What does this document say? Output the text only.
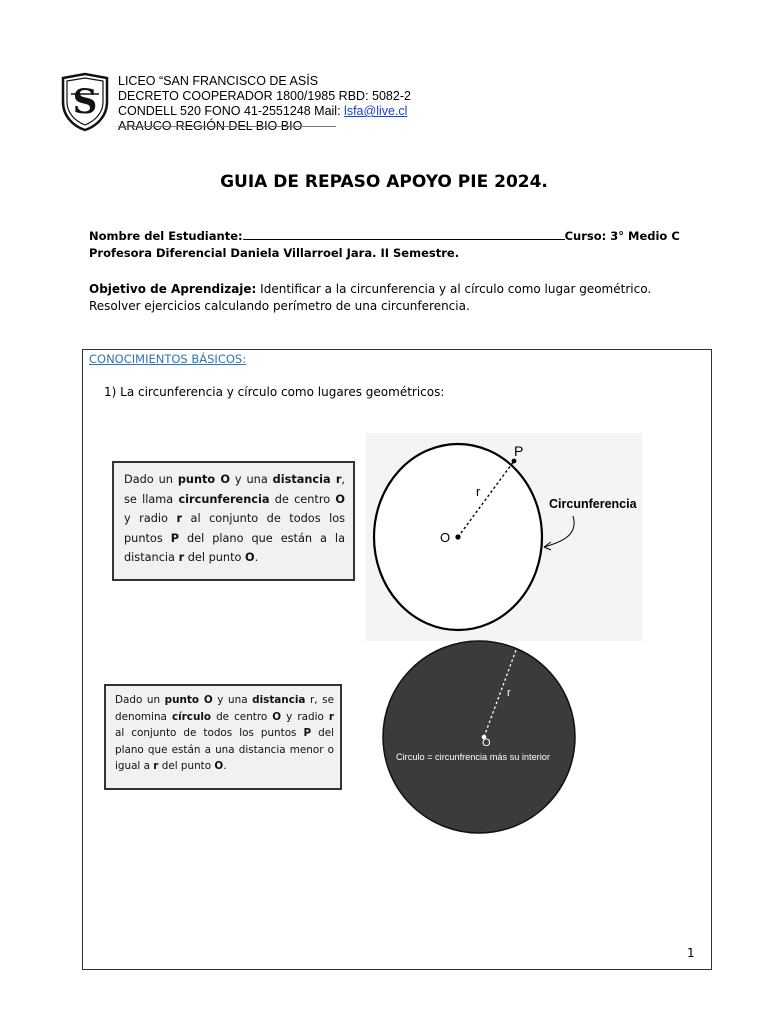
S
LICEO “SAN FRANCISCO DE ASÍS
DECRETO COOPERADOR 1800/1985 RBD: 5082-2
CONDELL 520 FONO 41-2551248 Mail: lsfa@live.cl
ARAUCO-REGIÓN DEL BIO BIO
GUIA DE REPASO APOYO PIE 2024.
Nombre del Estudiante:	Curso: 3° Medio C
Profesora Diferencial Daniela Villarroel Jara. II Semestre.
Objetivo de Aprendizaje: Identificar a la circunferencia y al círculo como lugar geométrico. Resolver ejercicios calculando perímetro de una circunferencia.
CONOCIMIENTOS BÁSICOS:
1) La circunferencia y círculo como lugares geométricos:
Dado un punto O y una distancia r, se llama circunferencia de centro O y radio r al conjunto de todos los puntos P del plano que están a la distancia r del punto O.
Dado un punto O y una distancia r, se denomina círculo de centro O y radio r al conjunto de todos los puntos P del plano que están a una distancia menor o igual a r del punto O.
P
r
O
Circunferencia
r
O
Circulo = circunfrencia más su interior
1
